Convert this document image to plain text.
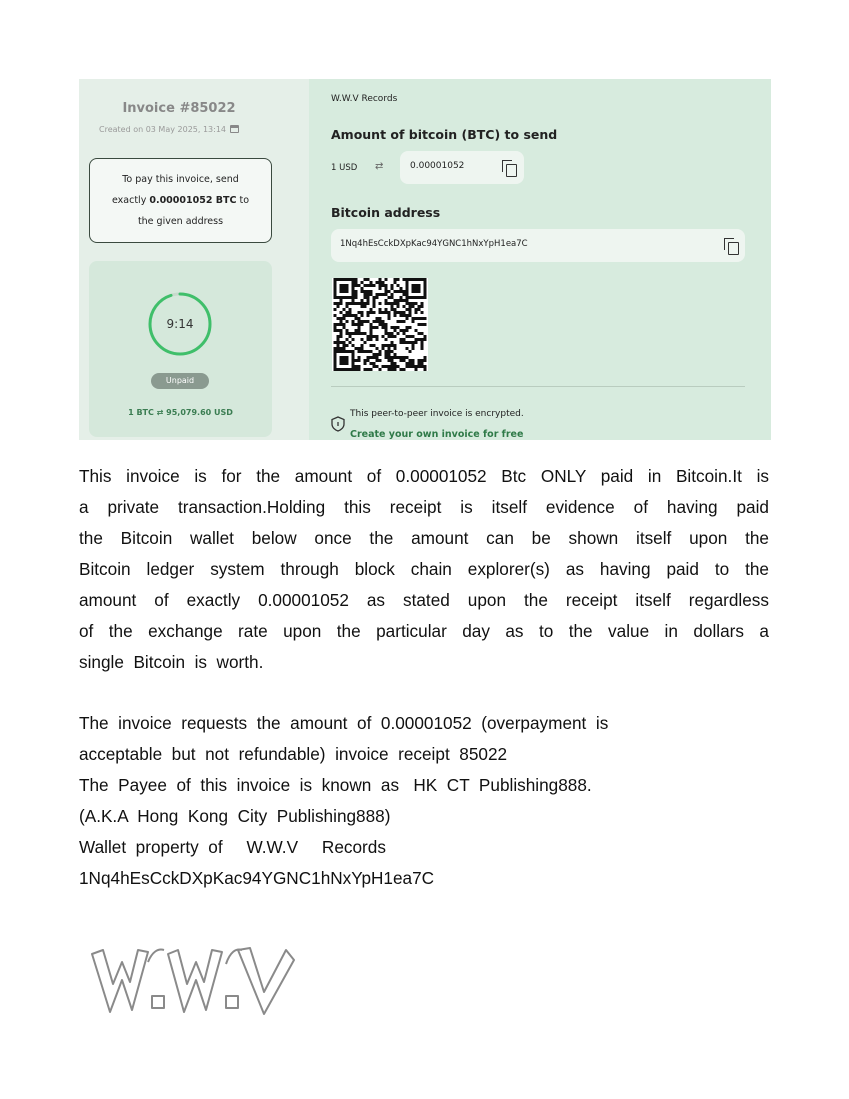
Invoice #85022
Created on 03 May 2025, 13:14
To pay this invoice, send
exactly 0.00001052 BTC to
the given address
9:14
Unpaid
1 BTC ⇄ 95,079.60 USD
W.W.V Records
Amount of bitcoin (BTC) to send
1 USD ⇄	0.00001052
Bitcoin address
1Nq4hEsCckDXpKac94YGNC1hNxYpH1ea7C
This peer-to-peer invoice is encrypted.
Create your own invoice for free
This invoice is for the amount of 0.00001052 Btc ONLY paid in Bitcoin.It is
a private transaction.Holding this receipt is itself evidence of having paid
the Bitcoin wallet below once the amount can be shown itself upon the
Bitcoin ledger system through block chain explorer(s) as having paid to the
amount of exactly 0.00001052 as stated upon the receipt itself regardless
of the exchange rate upon the particular day as to the value in dollars a
single  Bitcoin  is  worth.
The  invoice  requests  the  amount  of  0.00001052  (overpayment  is
acceptable  but  not  refundable)  invoice  receipt  85022
The  Payee  of  this  invoice  is  known  as   HK  CT  Publishing888.
(A.K.A  Hong  Kong  City  Publishing888)
Wallet  property  of     W.W.V     Records
1Nq4hEsCckDXpKac94YGNC1hNxYpH1ea7C
